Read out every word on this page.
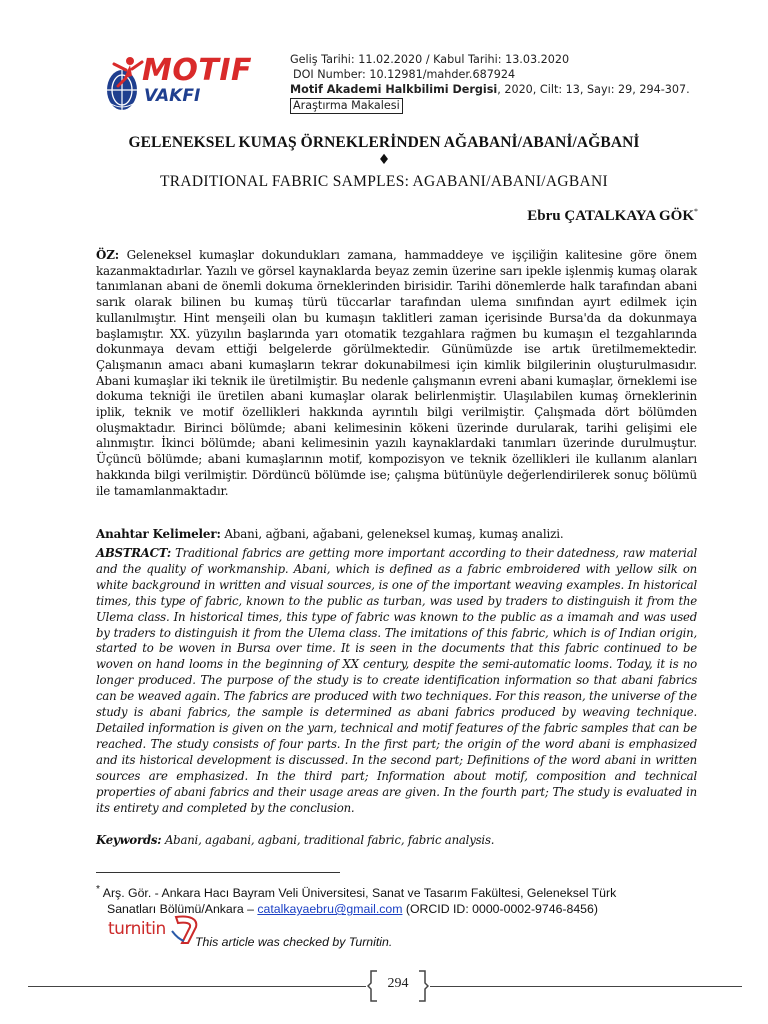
MOTIF
VAKFI
Geliş Tarihi: 11.02.2020 / Kabul Tarihi: 13.03.2020
DOI Number: 10.12981/mahder.687924
Motif Akademi Halkbilimi Dergisi, 2020, Cilt: 13, Sayı: 29, 294-307.
Araştırma Makalesi
GELENEKSEL KUMAŞ ÖRNEKLERİNDEN AĞABANİ/ABANİ/AĞBANİ
♦
TRADITIONAL FABRIC SAMPLES: AGABANI/ABANI/AGBANI
Ebru ÇATALKAYA GÖK*
ÖZ: Geleneksel kumaşlar dokundukları zamana, hammaddeye ve işçiliğin kalitesine göre önem kazanmaktadırlar. Yazılı ve görsel kaynaklarda beyaz zemin üzerine sarı ipekle işlenmiş kumaş olarak tanımlanan abani de önemli dokuma örneklerinden birisidir. Tarihi dönemlerde halk tarafından abani sarık olarak bilinen bu kumaş türü tüccarlar tarafından ulema sınıfından ayırt edilmek için kullanılmıştır. Hint menşeili olan bu kumaşın taklitleri zaman içerisinde Bursa'da da dokunmaya başlamıştır. XX. yüzyılın başlarında yarı otomatik tezgahlara rağmen bu kumaşın el tezgahlarında dokunmaya devam ettiği belgelerde görülmektedir. Günümüzde ise artık üretilmemektedir. Çalışmanın amacı abani kumaşların tekrar dokunabilmesi için kimlik bilgilerinin oluşturulmasıdır. Abani kumaşlar iki teknik ile üretilmiştir. Bu nedenle çalışmanın evreni abani kumaşlar, örneklemi ise dokuma tekniği ile üretilen abani kumaşlar olarak belirlenmiştir. Ulaşılabilen kumaş örneklerinin iplik, teknik ve motif özellikleri hakkında ayrıntılı bilgi verilmiştir. Çalışmada dört bölümden oluşmaktadır. Birinci bölümde; abani kelimesinin kökeni üzerinde durularak, tarihi gelişimi ele alınmıştır. İkinci bölümde; abani kelimesinin yazılı kaynaklardaki tanımları üzerinde durulmuştur. Üçüncü bölümde; abani kumaşlarının motif, kompozisyon ve teknik özellikleri ile kullanım alanları hakkında bilgi verilmiştir. Dördüncü bölümde ise; çalışma bütünüyle değerlendirilerek sonuç bölümü ile tamamlanmaktadır.
Anahtar Kelimeler: Abani, ağbani, ağabani, geleneksel kumaş, kumaş analizi.
ABSTRACT: Traditional fabrics are getting more important according to their datedness, raw material and the quality of workmanship. Abani, which is defined as a fabric embroidered with yellow silk on white background in written and visual sources, is one of the important weaving examples. In historical times, this type of fabric, known to the public as turban, was used by traders to distinguish it from the Ulema class. In historical times, this type of fabric was known to the public as a imamah and was used by traders to distinguish it from the Ulema class. The imitations of this fabric, which is of Indian origin, started to be woven in Bursa over time. It is seen in the documents that this fabric continued to be woven on hand looms in the beginning of XX century, despite the semi-automatic looms. Today, it is no longer produced. The purpose of the study is to create identification information so that abani fabrics can be weaved again. The fabrics are produced with two techniques. For this reason, the universe of the study is abani fabrics, the sample is determined as abani fabrics produced by weaving technique. Detailed information is given on the yarn, technical and motif features of the fabric samples that can be reached. The study consists of four parts. In the first part; the origin of the word abani is emphasized and its historical development is discussed. In the second part; Definitions of the word abani in written sources are emphasized. In the third part; Information about motif, composition and technical properties of abani fabrics and their usage areas are given. In the fourth part; The study is evaluated in its entirety and completed by the conclusion.
Keywords: Abani, agabani, agbani, traditional fabric, fabric analysis.
* Arş. Gör. - Ankara Hacı Bayram Veli Üniversitesi, Sanat ve Tasarım Fakültesi, Geleneksel Türk
Sanatları Bölümü/Ankara – catalkayaebru@gmail.com (ORCID ID: 0000-0002-9746-8456)
turnitin
This article was checked by Turnitin.
294
